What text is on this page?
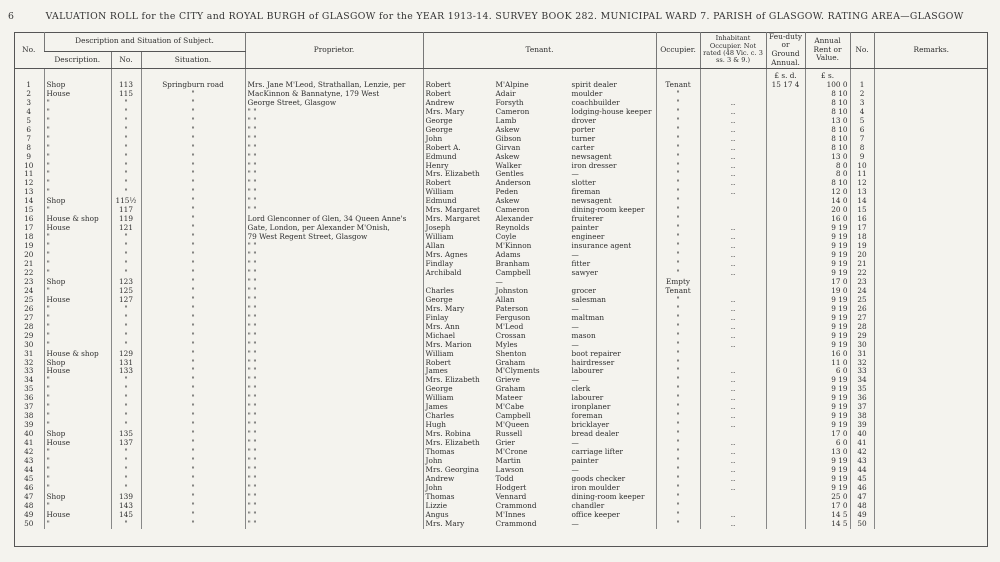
6	VALUATION ROLL for the CITY and ROYAL BURGH of GLASGOW for the YEAR 1913-14. SURVEY BOOK 282. MUNICIPAL WARD 7. PARISH of GLASGOW. RATING AREA—GLASGOW
No.	Description and Situation of Subject.			Proprietor.	Tenant.	Occupier.	Inhabitant Occupier. Not rated (48 Vic. c. 3 ss. 3 & 9.)	Feu-duty or Ground Annual.	Annual Rent or Value.	No.	Remarks.
	Description.	No.	Situation.								
								£ s. d.	£ s.		
1	Shop	113	Springburn road	Mrs. Jane M'Leod, Strathallan, Lenzie, per	Robert M'Alpine spirit dealer	Tenant		15 17 4	100 0	1	
2	House	115	"	MacKinnon & Bannatyne, 179 West	Robert Adair moulder	"			8 10	2	
3	"	"	"	George Street, Glasgow	Andrew Forsyth coachbuilder	"	..		8 10	3	
4	"	"	"	" "	Mrs. Mary Cameron lodging-house keeper	"	..		8 10	4	
5	"	"	"	" "	George Lamb drover	"	..		13 0	5	
6	"	"	"	" "	George Askew porter	"	..		8 10	6	
7	"	"	"	" "	John Gibson turner	"	..		8 10	7	
8	"	"	"	" "	Robert A. Girvan carter	"	..		8 10	8	
9	"	"	"	" "	Edmund Askew newsagent	"	..		13 0	9	
10	"	"	"	" "	Henry Walker iron dresser	"	..		8 0	10	
11	"	"	"	" "	Mrs. Elizabeth Gentles —	"	..		8 0	11	
12	"	"	"	" "	Robert Anderson slotter	"	..		8 10	12	
13	"	"	"	" "	William Peden fireman	"	..		12 0	13	
14	Shop	115½	"	" "	Edmund Askew newsagent	"			14 0	14	
15	"	117	"	" "	Mrs. Margaret Cameron dining-room keeper	"			20 0	15	
16	House & shop	119	"	Lord Glenconner of Glen, 34 Queen Anne's	Mrs. Margaret Alexander fruiterer	"			16 0	16	
17	House	121	"	Gate, London, per Alexander M'Onish,	Joseph Reynolds painter	"	..		9 19	17	
18	"	"	"	79 West Regent Street, Glasgow	William Coyle engineer	"	..		9 19	18	
19	"	"	"	" "	Allan M'Kinnon insurance agent	"	..		9 19	19	
20	"	"	"	" "	Mrs. Agnes Adams —	"	..		9 19	20	
21	"	"	"	" "	Findlay Branham fitter	"	..		9 19	21	
22	"	"	"	" "	Archibald Campbell sawyer	"	..		9 19	22	
23	Shop	123	"	" "	—	Empty			17 0	23	
24	"	125	"	" "	Charles Johnston grocer	Tenant			19 0	24	
25	House	127	"	" "	George Allan salesman	"	..		9 19	25	
26	"	"	"	" "	Mrs. Mary Paterson —	"	..		9 19	26	
27	"	"	"	" "	Finlay Ferguson maltman	"	..		9 19	27	
28	"	"	"	" "	Mrs. Ann M'Leod —	"	..		9 19	28	
29	"	"	"	" "	Michael Crossan mason	"	..		9 19	29	
30	"	"	"	" "	Mrs. Marion Myles —	"	..		9 19	30	
31	House & shop	129	"	" "	William Shenton boot repairer	"			16 0	31	
32	Shop	131	"	" "	Robert Graham hairdresser	"			11 0	32	
33	House	133	"	" "	James M'Clyments labourer	"	..		6 0	33	
34	"	"	"	" "	Mrs. Elizabeth Grieve —	"	..		9 19	34	
35	"	"	"	" "	George Graham clerk	"	..		9 19	35	
36	"	"	"	" "	William Mateer labourer	"	..		9 19	36	
37	"	"	"	" "	James M'Cabe ironplaner	"	..		9 19	37	
38	"	"	"	" "	Charles Campbell foreman	"	..		9 19	38	
39	"	"	"	" "	Hugh M'Queen bricklayer	"	..		9 19	39	
40	Shop	135	"	" "	Mrs. Robina Russell bread dealer	"			17 0	40	
41	House	137	"	" "	Mrs. Elizabeth Grier —	"	..		6 0	41	
42	"	"	"	" "	Thomas M'Crone carriage lifter	"	..		13 0	42	
43	"	"	"	" "	John Martin painter	"	..		9 19	43	
44	"	"	"	" "	Mrs. Georgina Lawson —	"	..		9 19	44	
45	"	"	"	" "	Andrew Todd goods checker	"	..		9 19	45	
46	"	"	"	" "	John Hodgert iron moulder	"	..		9 19	46	
47	Shop	139	"	" "	Thomas Vennard dining-room keeper	"			25 0	47	
48	"	143	"	" "	Lizzie Crammond chandler	"			17 0	48	
49	House	145	"	" "	Angus M'Innes office keeper	"	..		14 5	49	
50	"	"	"	" "	Mrs. Mary Crammond —	"	..		14 5	50	
